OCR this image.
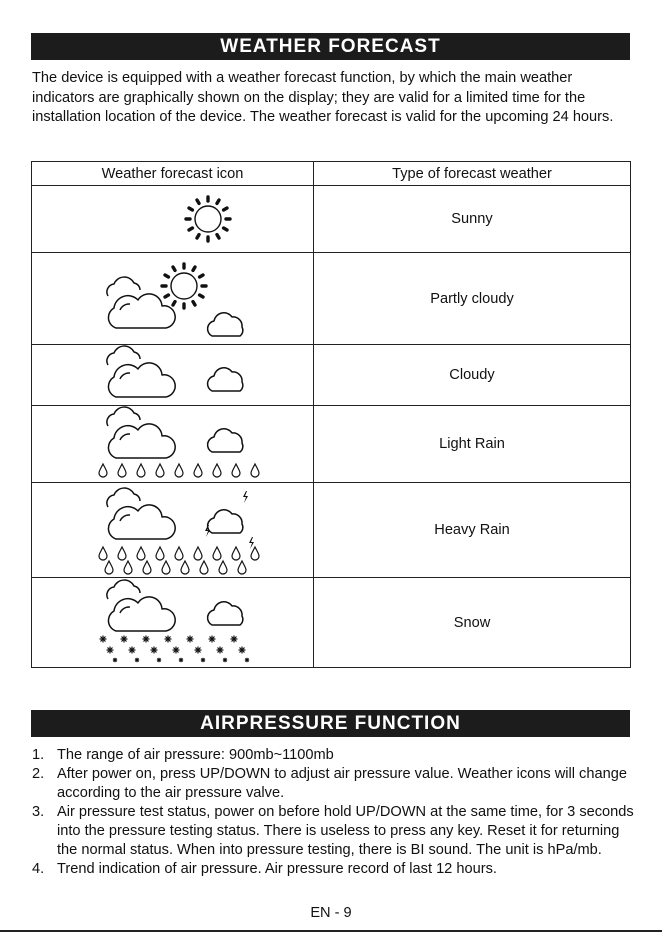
WEATHER FORECAST
The device is equipped with a weather forecast function, by which the main weather indicators are graphically shown on the display; they are valid for a limited time for the installation location of the device. The weather forecast is valid for the upcoming 24 hours.
Weather forecast icon	Type of forecast weather

	Sunny

	Partly cloudy

	Cloudy

	Light Rain

	Heavy Rain

	Snow
AIRPRESSURE FUNCTION
1. The range of air pressure: 900mb~1100mb
2. After power on, press UP/DOWN to adjust air pressure value. Weather icons will change according to the air pressure valve.
3. Air pressure test status, power on before hold UP/DOWN at the same time, for 3 seconds into the pressure testing status. There is useless to press any key. Reset it for returning the normal status. When into pressure testing, there is BI sound. The unit is hPa/mb.
4. Trend indication of air pressure. Air pressure record of last 12 hours.
EN - 9
